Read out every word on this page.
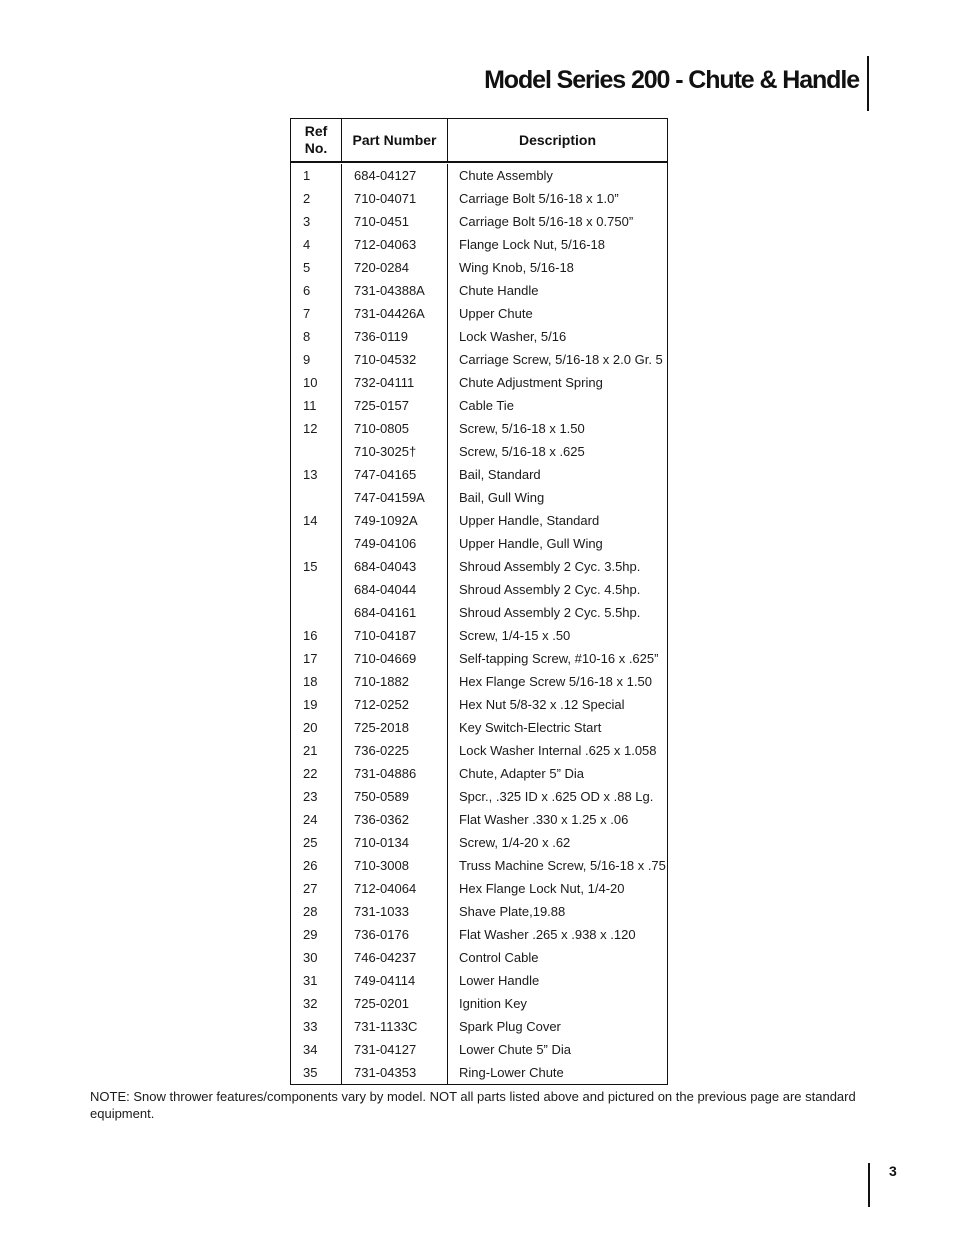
Model Series 200 - Chute & Handle
Ref
No.
Part Number	Description
1
2
3
4
5
6
7
8
9
10
11
12
13
14
15
16
17
18
19
20
21
22
23
24
25
26
27
28
29
30
31
32
33
34
35
684-04127
710-04071
710-0451
712-04063
720-0284
731-04388A
731-04426A
736-0119
710-04532
732-04111
725-0157
710-0805
710-3025†
747-04165
747-04159A
749-1092A
749-04106
684-04043
684-04044
684-04161
710-04187
710-04669
710-1882
712-0252
725-2018
736-0225
731-04886
750-0589
736-0362
710-0134
710-3008
712-04064
731-1033
736-0176
746-04237
749-04114
725-0201
731-1133C
731-04127
731-04353
Chute Assembly
Carriage Bolt 5/16-18 x 1.0”
Carriage Bolt 5/16-18 x 0.750”
Flange Lock Nut, 5/16-18
Wing Knob, 5/16-18
Chute Handle
Upper Chute
Lock Washer, 5/16
Carriage Screw, 5/16-18 x 2.0 Gr. 5
Chute Adjustment Spring
Cable Tie
Screw, 5/16-18 x 1.50
Screw, 5/16-18 x .625
Bail, Standard
Bail, Gull Wing
Upper Handle, Standard
Upper Handle, Gull Wing
Shroud Assembly 2 Cyc. 3.5hp.
Shroud Assembly 2 Cyc. 4.5hp.
Shroud Assembly 2 Cyc. 5.5hp.
Screw, 1/4-15 x .50
Self-tapping Screw, #10-16 x .625”
Hex Flange Screw 5/16-18 x 1.50
Hex Nut 5/8-32 x .12 Special
Key Switch-Electric Start
Lock Washer Internal .625 x 1.058
Chute, Adapter 5” Dia
Spcr., .325 ID x .625 OD x .88 Lg.
Flat Washer .330 x 1.25 x .06
Screw, 1/4-20 x .62
Truss Machine Screw, 5/16-18 x .75
Hex Flange Lock Nut, 1/4-20
Shave Plate,19.88
Flat Washer .265 x .938 x .120
Control Cable
Lower Handle
Ignition Key
Spark Plug Cover
Lower Chute 5” Dia
Ring-Lower Chute
NOTE: Snow thrower features/components vary by model. NOT all parts listed above and pictured on the previous page are standard equipment.
3
